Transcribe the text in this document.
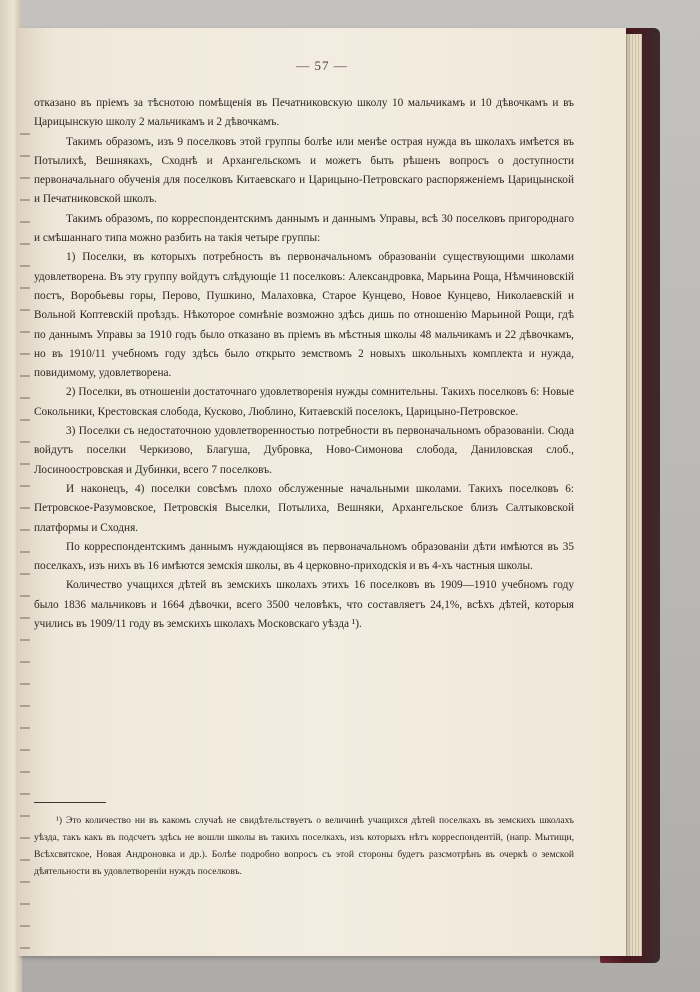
— 57 —

отказано въ пріемъ за тѣснотою помѣщенія въ Печатниковскую школу 10 мальчикамъ и 10 дѣвочкамъ и въ Царицынскую школу 2 мальчикамъ и 2 дѣвочкамъ.

Такимъ образомъ, изъ 9 поселковъ этой группы болѣе или менѣе острая нужда въ школахъ имѣется въ Потылихѣ, Вешнякахъ, Сходнѣ и Архангельскомъ и можетъ быть рѣшенъ вопросъ о доступности первоначальнаго обученія для поселковъ Китаевскаго и Царицыно-Петровскаго распоряженіемъ Царицынской и Печатниковской школъ.

Такимъ образомъ, по корреспондентскимъ даннымъ и даннымъ Управы, всѣ 30 поселковъ пригороднаго и смѣшаннаго типа можно разбить на такія четыре группы:

1) Поселки, въ которыхъ потребность въ первоначальномъ образованіи существующими школами удовлетворена. Въ эту группу войдутъ слѣдующіе 11 поселковъ: Александровка, Марьина Роща, Нѣмчиновскій постъ, Воробьевы горы, Перово, Пушкино, Малаховка, Старое Кунцево, Новое Кунцево, Николаевскій и Вольной Коптевскій проѣздъ. Нѣкоторое сомнѣніе возможно здѣсь дишь по отношенію Марьиной Рощи, гдѣ по даннымъ Управы за 1910 годъ было отказано въ пріемъ въ мѣстныя школы 48 мальчикамъ и 22 дѣвочкамъ, но въ 1910/11 учебномъ году здѣсь было открыто земствомъ 2 новыхъ школьныхъ комплекта и нужда, повидимому, удовлетворена.

2) Поселки, въ отношеніи достаточнаго удовлетворенія нужды сомнительны. Такихъ поселковъ 6: Новые Сокольники, Крестовская слобода, Кусково, Люблино, Китаевскій поселокъ, Царицыно-Петровское.

3) Поселки съ недостаточною удовлетворенностью потребности въ первоначальномъ образованіи. Сюда войдутъ поселки Черкизово, Благуша, Дубровка, Ново-Симонова слобода, Даниловская слоб., Лосиноостровская и Дубинки, всего 7 поселковъ.

И наконецъ, 4) поселки совсѣмъ плохо обслуженные начальными школами. Такихъ поселковъ 6: Петровское-Разумовское, Петровскія Выселки, Потылиха, Вешняки, Архангельское близъ Салтыковской платформы и Сходня.

По корреспондентскимъ даннымъ нуждающіяся въ первоначальномъ образованіи дѣти имѣются въ 35 поселкахъ, изъ нихъ въ 16 имѣются земскія школы, въ 4 церковно-приходскія и въ 4-хъ частныя школы.

Количество учащихся дѣтей въ земскихъ школахъ этихъ 16 поселковъ въ 1909—1910 учебномъ году было 1836 мальчиковъ и 1664 дѣвочки, всего 3500 человѣкъ, что составляетъ 24,1%, всѣхъ дѣтей, которыя учились въ 1909/11 году въ земскихъ школахъ Московскаго уѣзда ¹).

¹) Это количество ни въ какомъ случаѣ не свидѣтельствуетъ о величинѣ учащихся дѣтей поселкахъ въ земскихъ школахъ уѣзда, такъ какъ въ подсчетъ здѣсь не вошли школы въ такихъ поселкахъ, изъ которыхъ нѣтъ корреспондентій, (напр. Мытищи, Всѣхсвятское, Новая Андроновка и др.). Болѣе подробно вопросъ съ этой стороны будетъ разсмотрѣнъ въ очеркѣ о земской дѣятельности въ удовлетвореніи нуждъ поселковъ.
